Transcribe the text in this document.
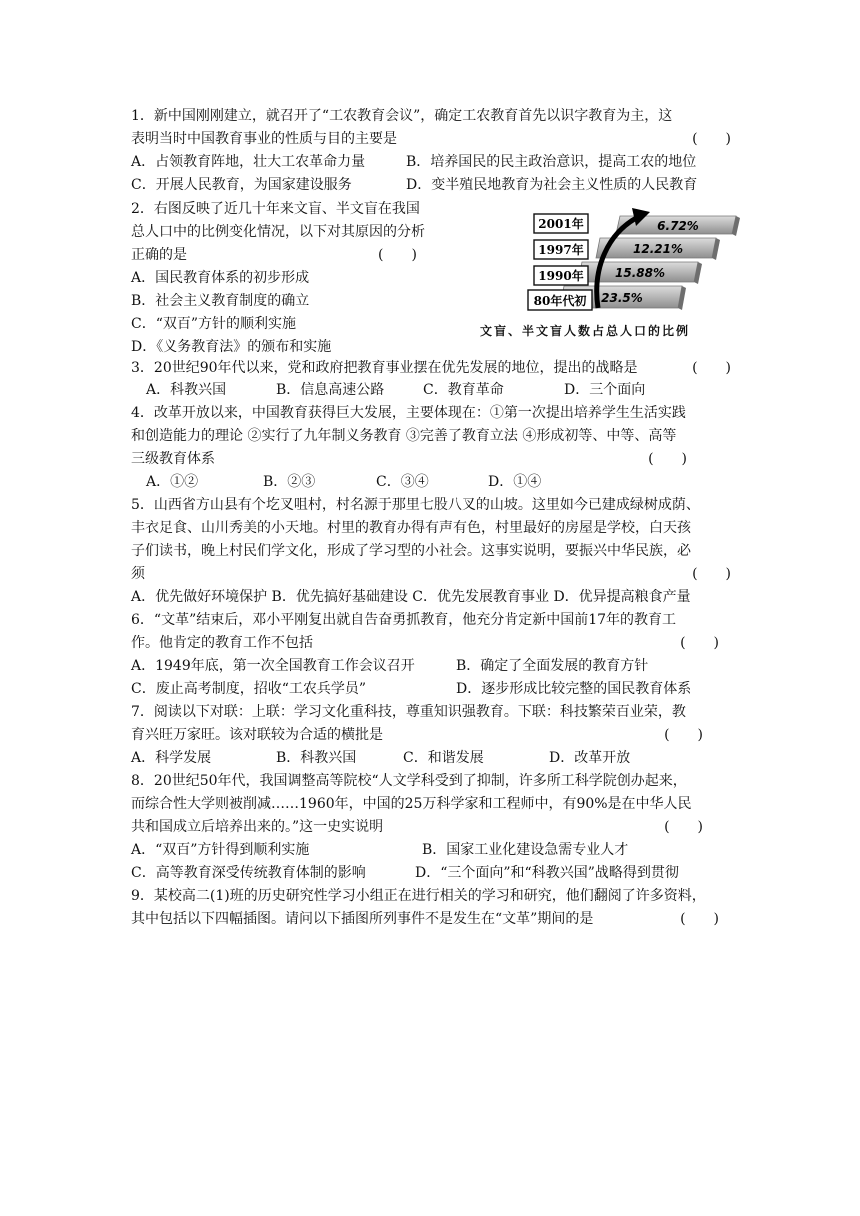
1．新中国刚刚建立，就召开了“工农教育会议”，确定工农教育首先以识字教育为主，这
表明当时中国教育事业的性质与目的主要是	(　　)
A．占领教育阵地，壮大工农革命力量	B．培养国民的民主政治意识，提高工农的地位
C．开展人民教育，为国家建设服务	D．变半殖民地教育为社会主义性质的人民教育
2．右图反映了近几十年来文盲、半文盲在我国
总人口中的比例变化情况，以下对其原因的分析
正确的是	(　　)
A．国民教育体系的初步形成
B．社会主义教育制度的确立
C．“双百”方针的顺利实施
D．《义务教育法》的颁布和实施
2001年
1997年
1990年
80年代初
6.72%
12.21%
15.88%
23.5%
文盲、半文盲人数占总人口的比例
3．20世纪90年代以来，党和政府把教育事业摆在优先发展的地位，提出的战略是	(　　)
A．科教兴国	B．信息高速公路	C．教育革命	D．三个面向
4．改革开放以来，中国教育获得巨大发展，主要体现在：①第一次提出培养学生生活实践
和创造能力的理论 ②实行了九年制义务教育 ③完善了教育立法 ④形成初等、中等、高等
三级教育体系	(　　)
A．①②	B．②③	C．③④	D．①④
5．山西省方山县有个圪叉咀村，村名源于那里七股八叉的山坡。这里如今已建成绿树成荫、
丰衣足食、山川秀美的小天地。村里的教育办得有声有色，村里最好的房屋是学校，白天孩
子们读书，晚上村民们学文化，形成了学习型的小社会。这事实说明，要振兴中华民族，必
须	(　　)
A．优先做好环境保护 B．优先搞好基础建设 C．优先发展教育事业 D．优异提高粮食产量
6．“文革”结束后，邓小平刚复出就自告奋勇抓教育，他充分肯定新中国前17年的教育工
作。他肯定的教育工作不包括	(　　)
A．1949年底，第一次全国教育工作会议召开	B．确定了全面发展的教育方针
C．废止高考制度，招收“工农兵学员”	D．逐步形成比较完整的国民教育体系
7．阅读以下对联：上联：学习文化重科技，尊重知识强教育。下联：科技繁荣百业荣，教
育兴旺万家旺。该对联较为合适的横批是	(　　)
A．科学发展	B．科教兴国	C．和谐发展	D．改革开放
8．20世纪50年代，我国调整高等院校“人文学科受到了抑制，许多所工科学院创办起来，
而综合性大学则被削减……1960年，中国的25万科学家和工程师中，有90%是在中华人民
共和国成立后培养出来的。”这一史实说明	(　　)
A．“双百”方针得到顺利实施	B．国家工业化建设急需专业人才
C．高等教育深受传统教育体制的影响	D．“三个面向”和“科教兴国”战略得到贯彻
9．某校高二(1)班的历史研究性学习小组正在进行相关的学习和研究，他们翻阅了许多资料，
其中包括以下四幅插图。请问以下插图所列事件不是发生在“文革”期间的是	(　　)
